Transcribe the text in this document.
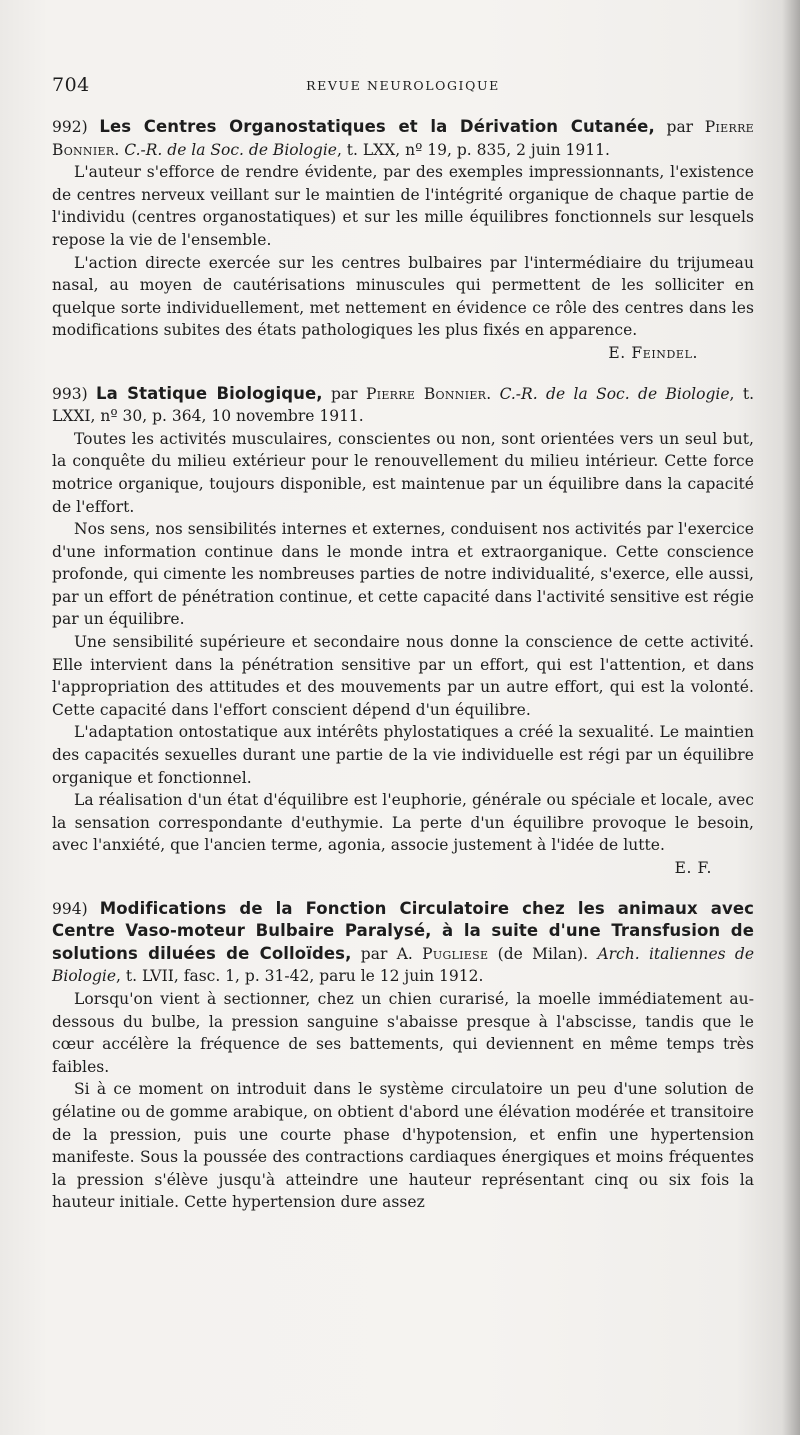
704	REVUE NEUROLOGIQUE
992) Les Centres Organostatiques et la Dérivation Cutanée, par Pierre Bonnier. C.-R. de la Soc. de Biologie, t. LXX, nº 19, p. 835, 2 juin 1911.

L'auteur s'efforce de rendre évidente, par des exemples impressionnants, l'existence de centres nerveux veillant sur le maintien de l'intégrité organique de chaque partie de l'individu (centres organostatiques) et sur les mille équilibres fonctionnels sur lesquels repose la vie de l'ensemble.

L'action directe exercée sur les centres bulbaires par l'intermédiaire du trijumeau nasal, au moyen de cautérisations minuscules qui permettent de les solliciter en quelque sorte individuellement, met nettement en évidence ce rôle des centres dans les modifications subites des états pathologiques les plus fixés en apparence.
E. Feindel.

993) La Statique Biologique, par Pierre Bonnier. C.-R. de la Soc. de Biologie, t. LXXI, nº 30, p. 364, 10 novembre 1911.

Toutes les activités musculaires, conscientes ou non, sont orientées vers un seul but, la conquête du milieu extérieur pour le renouvellement du milieu intérieur. Cette force motrice organique, toujours disponible, est maintenue par un équilibre dans la capacité de l'effort.

Nos sens, nos sensibilités internes et externes, conduisent nos activités par l'exercice d'une information continue dans le monde intra et extraorganique. Cette conscience profonde, qui cimente les nombreuses parties de notre individualité, s'exerce, elle aussi, par un effort de pénétration continue, et cette capacité dans l'activité sensitive est régie par un équilibre.

Une sensibilité supérieure et secondaire nous donne la conscience de cette activité. Elle intervient dans la pénétration sensitive par un effort, qui est l'attention, et dans l'appropriation des attitudes et des mouvements par un autre effort, qui est la volonté. Cette capacité dans l'effort conscient dépend d'un équilibre.

L'adaptation ontostatique aux intérêts phylostatiques a créé la sexualité. Le maintien des capacités sexuelles durant une partie de la vie individuelle est régi par un équilibre organique et fonctionnel.

La réalisation d'un état d'équilibre est l'euphorie, générale ou spéciale et locale, avec la sensation correspondante d'euthymie. La perte d'un équilibre provoque le besoin, avec l'anxiété, que l'ancien terme, agonia, associe justement à l'idée de lutte.
E. F.

994) Modifications de la Fonction Circulatoire chez les animaux avec Centre Vaso-moteur Bulbaire Paralysé, à la suite d'une Transfusion de solutions diluées de Colloïdes, par A. Pugliese (de Milan). Arch. italiennes de Biologie, t. LVII, fasc. 1, p. 31-42, paru le 12 juin 1912.

Lorsqu'on vient à sectionner, chez un chien curarisé, la moelle immédiatement au-dessous du bulbe, la pression sanguine s'abaisse presque à l'abscisse, tandis que le cœur accélère la fréquence de ses battements, qui deviennent en même temps très faibles.

Si à ce moment on introduit dans le système circulatoire un peu d'une solution de gélatine ou de gomme arabique, on obtient d'abord une élévation modérée et transitoire de la pression, puis une courte phase d'hypotension, et enfin une hypertension manifeste. Sous la poussée des contractions cardiaques énergiques et moins fréquentes la pression s'élève jusqu'à atteindre une hauteur représentant cinq ou six fois la hauteur initiale. Cette hypertension dure assez
